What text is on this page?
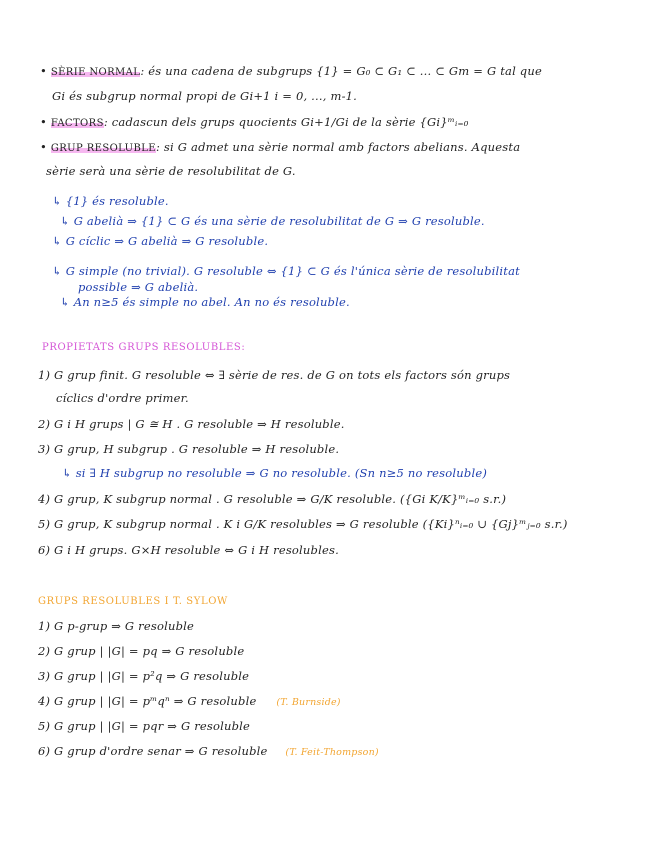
• SÈRIE NORMAL: és una cadena de subgrups {1} = G₀ ⊂ G₁ ⊂ ... ⊂ Gm = G tal que
Gi és subgrup normal propi de Gi+1 i = 0, ..., m-1.
• FACTORS: cadascun dels grups quocients Gi+1/Gi de la sèrie {Gi}ᵐᵢ₌₀
• GRUP RESOLUBLE: si G admet una sèrie normal amb factors abelians. Aquesta
sèrie serà una sèrie de resolubilitat de G.
↳ {1} és resoluble.
↳ G abelià ⇒ {1} ⊂ G és una sèrie de resolubilitat de G ⇒ G resoluble.
↳ G cíclic ⇒ G abelià ⇒ G resoluble.
↳ G simple (no trivial). G resoluble ⇔ {1} ⊂ G és l'única sèrie de resolubilitat
possible ⇒ G abelià.
↳ An n≥5 és simple no abel. An no és resoluble.
PROPIETATS GRUPS RESOLUBLES:
1) G grup finit. G resoluble ⇔ ∃ sèrie de res. de G on tots els factors són grups
cíclics d'ordre primer.
2) G i H grups | G ≅ H . G resoluble ⇒ H resoluble.
3) G grup, H subgrup . G resoluble ⇒ H resoluble.
↳ si ∃ H subgrup no resoluble ⇒ G no resoluble. (Sn n≥5 no resoluble)
4) G grup, K subgrup normal . G resoluble ⇒ G/K resoluble. ({Gi K/K}ᵐᵢ₌₀ s.r.)
5) G grup, K subgrup normal . K i G/K resolubles ⇒ G resoluble ({Ki}ⁿᵢ₌₀ ∪ {Gj}ᵐⱼ₌₀ s.r.)
6) G i H grups. G×H resoluble ⇔ G i H resolubles.
GRUPS RESOLUBLES I T. SYLOW
1) G p-grup ⇒ G resoluble
2) G grup | |G| = pq ⇒ G resoluble
3) G grup | |G| = p²q ⇒ G resoluble
4) G grup | |G| = pᵐqⁿ ⇒ G resoluble (T. Burnside)
5) G grup | |G| = pqr ⇒ G resoluble
6) G grup d'ordre senar ⇒ G resoluble (T. Feit-Thompson)
